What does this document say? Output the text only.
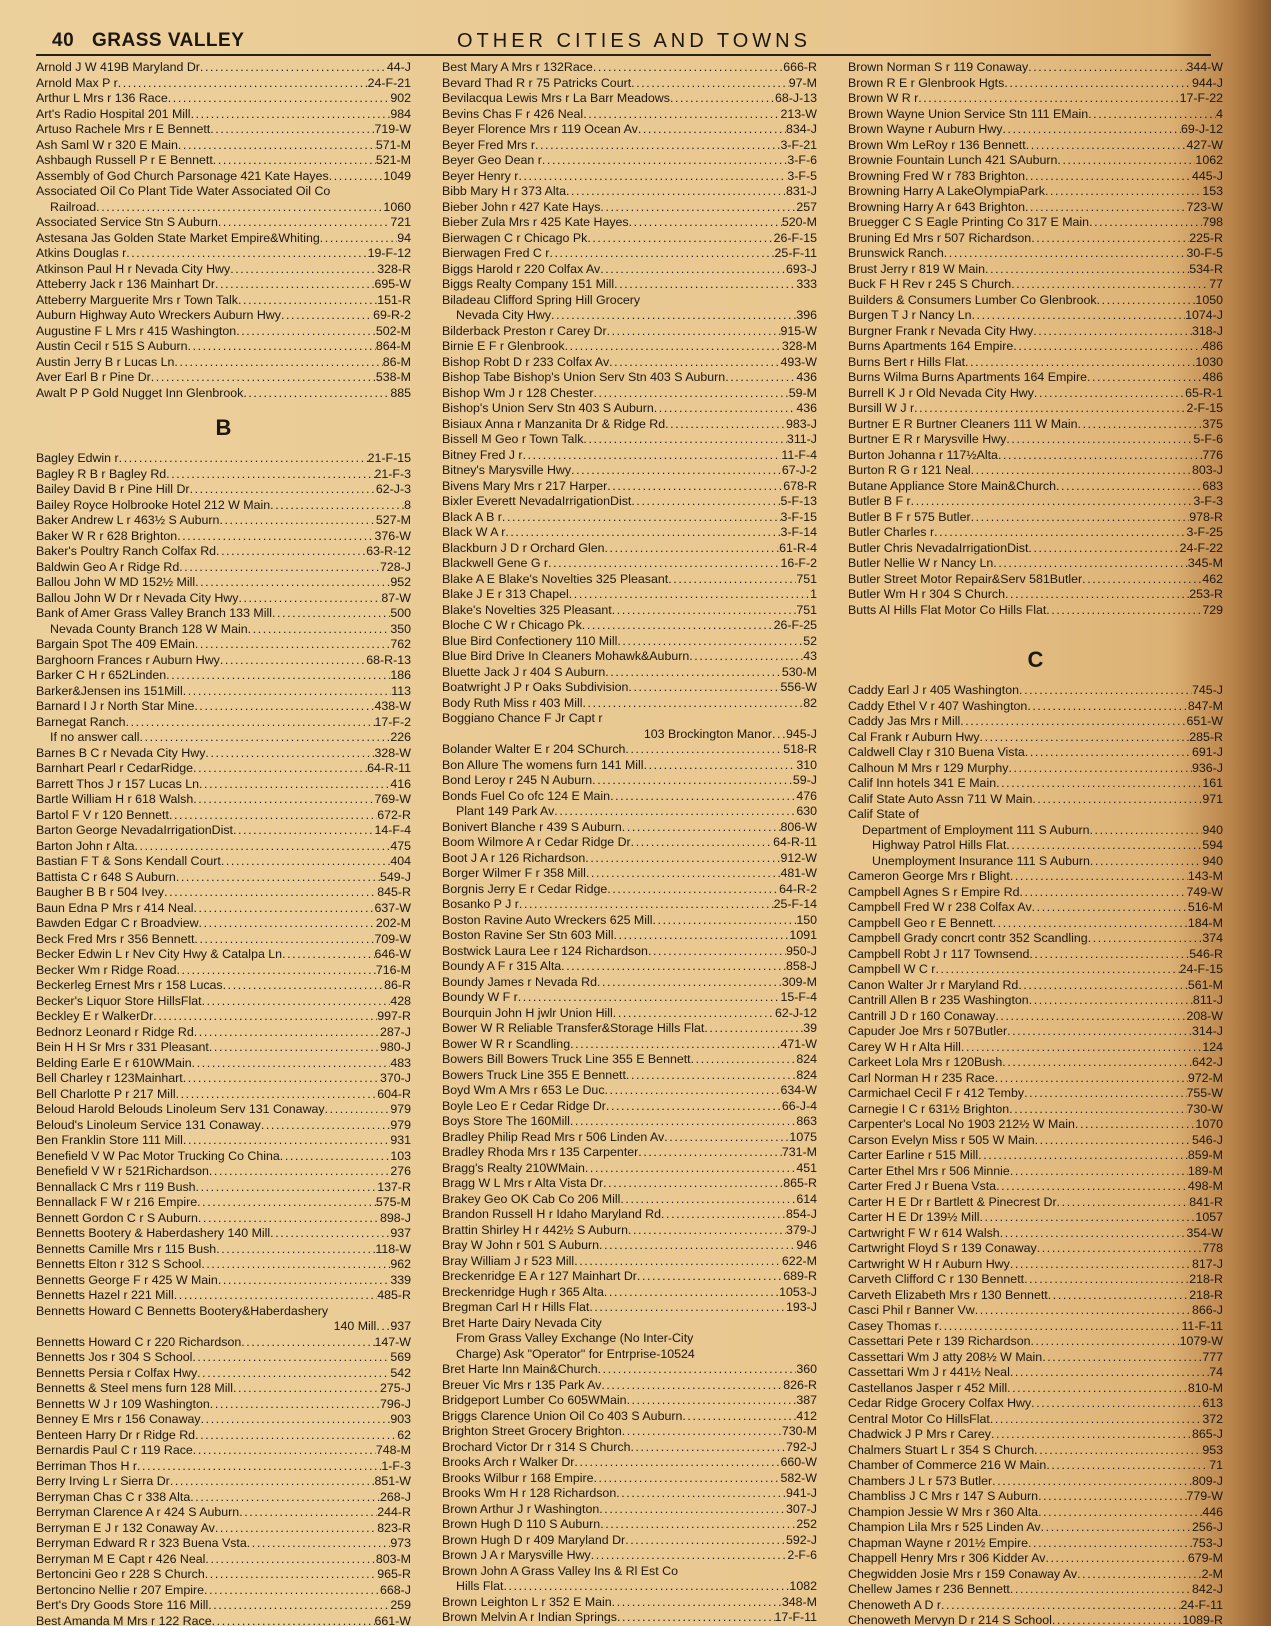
40 GRASS VALLEY	OTHER CITIES AND TOWNS
Arnold J W 419B Maryland Dr .....	44-J
Arnold Max P r .....	24-F-21
Arthur L Mrs r 136 Race .....	902
Art's Radio Hospital 201 Mill .....	984
Artuso Rachele Mrs r E Bennett .....	719-W
Ash Saml W r 320 E Main .....	571-M
Ashbaugh Russell P r E Bennett .....	521-M
Assembly of God Church Parsonage 421 Kate Hayes .....	1049
Associated Oil Co Plant Tide Water Associated Oil Co
Railroad .....	1060
Associated Service Stn S Auburn .....	721
Astesana Jas Golden State Market Empire&Whiting .....	94
Atkins Douglas r .....	19-F-12
Atkinson Paul H r Nevada City Hwy .....	328-R
Atteberry Jack r 136 Mainhart Dr .....	695-W
Atteberry Marguerite Mrs r Town Talk .....	151-R
Auburn Highway Auto Wreckers Auburn Hwy .....	69-R-2
Augustine F L Mrs r 415 Washington .....	502-M
Austin Cecil r 515 S Auburn .....	864-M
Austin Jerry B r Lucas Ln .....	86-M
Aver Earl B r Pine Dr .....	538-M
Awalt P P Gold Nugget Inn Glenbrook .....	885
B
Bagley Edwin r .....	21-F-15
Bagley R B r Bagley Rd .....	21-F-3
Bailey David B r Pine Hill Dr .....	62-J-3
Bailey Royce Holbrooke Hotel 212 W Main .....	8
Baker Andrew L r 463½ S Auburn .....	527-M
Baker W R r 628 Brighton .....	376-W
Baker's Poultry Ranch Colfax Rd .....	63-R-12
Baldwin Geo A r Ridge Rd .....	728-J
Ballou John W MD 152½ Mill .....	952
Ballou John W Dr r Nevada City Hwy .....	87-W
Bank of Amer Grass Valley Branch 133 Mill .....	500
Nevada County Branch 128 W Main .....	350
Bargain Spot The 409 EMain .....	762
Barghoorn Frances r Auburn Hwy .....	68-R-13
Barker C H r 652Linden .....	186
Barker&Jensen ins 151Mill .....	113
Barnard I J r North Star Mine .....	438-W
Barnegat Ranch .....	17-F-2
If no answer call .....	226
Barnes B C r Nevada City Hwy .....	328-W
Barnhart Pearl r CedarRidge .....	64-R-11
Barrett Thos J r 157 Lucas Ln .....	416
Bartle William H r 618 Walsh .....	769-W
Bartol F V r 120 Bennett .....	672-R
Barton George NevadaIrrigationDist .....	14-F-4
Barton John r Alta .....	475
Bastian F T & Sons Kendall Court .....	404
Battista C r 648 S Auburn .....	549-J
Baugher B B r 504 Ivey .....	845-R
Baun Edna P Mrs r 414 Neal .....	637-W
Bawden Edgar C r Broadview .....	202-M
Beck Fred Mrs r 356 Bennett .....	709-W
Becker Edwin L r Nev City Hwy & Catalpa Ln .....	646-W
Becker Wm r Ridge Road .....	716-M
Beckerleg Ernest Mrs r 158 Lucas .....	86-R
Becker's Liquor Store HillsFlat .....	428
Beckley E r WalkerDr .....	997-R
Bednorz Leonard r Ridge Rd .....	287-J
Bein H H Sr Mrs r 331 Pleasant .....	980-J
Belding Earle E r 610WMain .....	483
Bell Charley r 123Mainhart .....	370-J
Bell Charlotte P r 217 Mill .....	604-R
Beloud Harold Belouds Linoleum Serv 131 Conaway .....	979
Beloud's Linoleum Service 131 Conaway .....	979
Ben Franklin Store 111 Mill .....	931
Benefield V W Pac Motor Trucking Co China .....	103
Benefield V W r 521Richardson .....	276
Bennallack C Mrs r 119 Bush .....	137-R
Bennallack F W r 216 Empire .....	575-M
Bennett Gordon C r S Auburn .....	898-J
Bennetts Bootery & Haberdashery 140 Mill .....	937
Bennetts Camille Mrs r 115 Bush .....	118-W
Bennetts Elton r 312 S School .....	962
Bennetts George F r 425 W Main .....	339
Bennetts Hazel r 221 Mill .....	485-R
Bennetts Howard C Bennetts Bootery&Haberdashery
140 Mill ..... 937
Bennetts Howard C r 220 Richardson .....	147-W
Bennetts Jos r 304 S School .....	569
Bennetts Persia r Colfax Hwy .....	542
Bennetts & Steel mens furn 128 Mill .....	275-J
Bennetts W J r 109 Washington .....	796-J
Benney E Mrs r 156 Conaway .....	903
Benteen Harry Dr r Ridge Rd .....	62
Bernardis Paul C r 119 Race .....	748-M
Berriman Thos H r .....	1-F-3
Berry Irving L r Sierra Dr .....	851-W
Berryman Chas C r 338 Alta .....	268-J
Berryman Clarence A r 424 S Auburn .....	244-R
Berryman E J r 132 Conaway Av .....	823-R
Berryman Edward R r 323 Buena Vsta .....	973
Berryman M E Capt r 426 Neal .....	803-M
Bertoncini Geo r 228 S Church .....	965-R
Bertoncino Nellie r 207 Empire .....	668-J
Bert's Dry Goods Store 116 Mill .....	259
Best Amanda M Mrs r 122 Race .....	661-W
Best Mary A Mrs r 132Race .....	666-R
Bevard Thad R r 75 Patricks Court .....	97-M
Bevilacqua Lewis Mrs r La Barr Meadows .....	68-J-13
Bevins Chas F r 426 Neal .....	213-W
Beyer Florence Mrs r 119 Ocean Av .....	834-J
Beyer Fred Mrs r .....	3-F-21
Beyer Geo Dean r .....	3-F-6
Beyer Henry r .....	3-F-5
Bibb Mary H r 373 Alta .....	831-J
Bieber John r 427 Kate Hays .....	257
Bieber Zula Mrs r 425 Kate Hayes .....	520-M
Bierwagen C r Chicago Pk .....	26-F-15
Bierwagen Fred C r .....	25-F-11
Biggs Harold r 220 Colfax Av .....	693-J
Biggs Realty Company 151 Mill .....	333
Biladeau Clifford Spring Hill Grocery
Nevada City Hwy .....	396
Bilderback Preston r Carey Dr .....	915-W
Birnie E F r Glenbrook .....	328-M
Bishop Robt D r 233 Colfax Av .....	493-W
Bishop Tabe Bishop's Union Serv Stn 403 S Auburn .....	436
Bishop Wm J r 128 Chester .....	59-M
Bishop's Union Serv Stn 403 S Auburn .....	436
Bisiaux Anna r Manzanita Dr & Ridge Rd .....	983-J
Bissell M Geo r Town Talk .....	311-J
Bitney Fred J r .....	11-F-4
Bitney's Marysville Hwy .....	67-J-2
Bivens Mary Mrs r 217 Harper .....	678-R
Bixler Everett NevadaIrrigationDist .....	5-F-13
Black A B r .....	3-F-15
Black W A r .....	3-F-14
Blackburn J D r Orchard Glen .....	61-R-4
Blackwell Gene G r .....	16-F-2
Blake A E Blake's Novelties 325 Pleasant .....	751
Blake J E r 313 Chapel .....	1
Blake's Novelties 325 Pleasant .....	751
Bloche C W r Chicago Pk .....	26-F-25
Blue Bird Confectionery 110 Mill .....	52
Blue Bird Drive In Cleaners Mohawk&Auburn .....	43
Bluette Jack J r 404 S Auburn .....	530-M
Boatwright J P r Oaks Subdivision .....	556-W
Body Ruth Miss r 403 Mill .....	82
Boggiano Chance F Jr Capt r
103 Brockington Manor ..... 945-J
Bolander Walter E r 204 SChurch .....	518-R
Bon Allure The womens furn 141 Mill .....	310
Bond Leroy r 245 N Auburn .....	59-J
Bonds Fuel Co ofc 124 E Main .....	476
Plant 149 Park Av .....	630
Bonivert Blanche r 439 S Auburn .....	806-W
Boom Wilmore A r Cedar Ridge Dr .....	64-R-11
Boot J A r 126 Richardson .....	912-W
Borger Wilmer F r 358 Mill .....	481-W
Borgnis Jerry E r Cedar Ridge .....	64-R-2
Bosanko P J r .....	25-F-14
Boston Ravine Auto Wreckers 625 Mill .....	150
Boston Ravine Ser Stn 603 Mill .....	1091
Bostwick Laura Lee r 124 Richardson .....	950-J
Boundy A F r 315 Alta .....	858-J
Boundy James r Nevada Rd .....	309-M
Boundy W F r .....	15-F-4
Bourquin John H jwlr Union Hill .....	62-J-12
Bower W R Reliable Transfer&Storage Hills Flat .....	39
Bower W R r Scandling .....	471-W
Bowers Bill Bowers Truck Line 355 E Bennett .....	824
Bowers Truck Line 355 E Bennett .....	824
Boyd Wm A Mrs r 653 Le Duc .....	634-W
Boyle Leo E r Cedar Ridge Dr .....	66-J-4
Boys Store The 160Mill .....	863
Bradley Philip Read Mrs r 506 Linden Av .....	1075
Bradley Rhoda Mrs r 135 Carpenter .....	731-M
Bragg's Realty 210WMain .....	451
Bragg W L Mrs r Alta Vista Dr .....	865-R
Brakey Geo OK Cab Co 206 Mill .....	614
Brandon Russell H r Idaho Maryland Rd .....	854-J
Brattin Shirley H r 442½ S Auburn .....	379-J
Bray W John r 501 S Auburn .....	946
Bray William J r 523 Mill .....	622-M
Breckenridge E A r 127 Mainhart Dr .....	689-R
Breckenridge Hugh r 365 Alta .....	1053-J
Bregman Carl H r Hills Flat .....	193-J
Bret Harte Dairy Nevada City
From Grass Valley Exchange (No Inter-City
Charge) Ask "Operator" for Entrprise-10524
Bret Harte Inn Main&Church .....	360
Breuer Vic Mrs r 135 Park Av .....	826-R
Bridgeport Lumber Co 605WMain .....	387
Briggs Clarence Union Oil Co 403 S Auburn .....	412
Brighton Street Grocery Brighton .....	730-M
Brochard Victor Dr r 314 S Church .....	792-J
Brooks Arch r Walker Dr .....	660-W
Brooks Wilbur r 168 Empire .....	582-W
Brooks Wm H r 128 Richardson .....	941-J
Brown Arthur J r Washington .....	307-J
Brown Hugh D 110 S Auburn .....	252
Brown Hugh D r 409 Maryland Dr .....	592-J
Brown J A r Marysville Hwy .....	2-F-6
Brown John A Grass Valley Ins & Rl Est Co
Hills Flat .....	1082
Brown Leighton L r 352 E Main .....	348-M
Brown Melvin A r Indian Springs .....	17-F-11
Brown Norman S r 119 Conaway .....	344-W
Brown R E r Glenbrook Hgts .....	944-J
Brown W R r .....	17-F-22
Brown Wayne Union Service Stn 111 EMain .....	4
Brown Wayne r Auburn Hwy .....	69-J-12
Brown Wm LeRoy r 136 Bennett .....	427-W
Brownie Fountain Lunch 421 SAuburn .....	1062
Browning Fred W r 783 Brighton .....	445-J
Browning Harry A LakeOlympiaPark .....	153
Browning Harry A r 643 Brighton .....	723-W
Bruegger C S Eagle Printing Co 317 E Main .....	798
Bruning Ed Mrs r 507 Richardson .....	225-R
Brunswick Ranch .....	30-F-5
Brust Jerry r 819 W Main .....	534-R
Buck F H Rev r 245 S Church .....	77
Builders & Consumers Lumber Co Glenbrook .....	1050
Burgen T J r Nancy Ln .....	1074-J
Burgner Frank r Nevada City Hwy .....	318-J
Burns Apartments 164 Empire .....	486
Burns Bert r Hills Flat .....	1030
Burns Wilma Burns Apartments 164 Empire .....	486
Burrell K J r Old Nevada City Hwy .....	65-R-1
Bursill W J r .....	2-F-15
Burtner E R Burtner Cleaners 111 W Main .....	375
Burtner E R r Marysville Hwy .....	5-F-6
Burton Johanna r 117½Alta .....	776
Burton R G r 121 Neal .....	803-J
Butane Appliance Store Main&Church .....	683
Butler B F r .....	3-F-3
Butler B F r 575 Butler .....	978-R
Butler Charles r .....	3-F-25
Butler Chris NevadaIrrigationDist .....	24-F-22
Butler Nellie W r Nancy Ln .....	345-M
Butler Street Motor Repair&Serv 581Butler .....	462
Butler Wm H r 304 S Church .....	253-R
Butts Al Hills Flat Motor Co Hills Flat .....	729
C
Caddy Earl J r 405 Washington .....	745-J
Caddy Ethel V r 407 Washington .....	847-M
Caddy Jas Mrs r Mill .....	651-W
Cal Frank r Auburn Hwy .....	285-R
Caldwell Clay r 310 Buena Vista .....	691-J
Calhoun M Mrs r 129 Murphy .....	936-J
Calif Inn hotels 341 E Main .....	161
Calif State Auto Assn 711 W Main .....	971
Calif State of
Department of Employment 111 S Auburn .....	940
Highway Patrol Hills Flat .....	594
Unemployment Insurance 111 S Auburn .....	940
Cameron George Mrs r Blight .....	143-M
Campbell Agnes S r Empire Rd .....	749-W
Campbell Fred W r 238 Colfax Av .....	516-M
Campbell Geo r E Bennett .....	184-M
Campbell Grady concrt contr 352 Scandling .....	374
Campbell Robt J r 117 Townsend .....	546-R
Campbell W C r .....	24-F-15
Canon Walter Jr r Maryland Rd .....	561-M
Cantrill Allen B r 235 Washington .....	811-J
Cantrill J D r 160 Conaway .....	208-W
Capuder Joe Mrs r 507Butler .....	314-J
Carey W H r Alta Hill .....	124
Carkeet Lola Mrs r 120Bush .....	642-J
Carl Norman H r 235 Race .....	972-M
Carmichael Cecil F r 412 Temby .....	755-W
Carnegie I C r 631½ Brighton .....	730-W
Carpenter's Local No 1903 212½ W Main .....	1070
Carson Evelyn Miss r 505 W Main .....	546-J
Carter Earline r 515 Mill .....	859-M
Carter Ethel Mrs r 506 Minnie .....	189-M
Carter Fred J r Buena Vsta .....	498-M
Carter H E Dr r Bartlett & Pinecrest Dr .....	841-R
Carter H E Dr 139½ Mill .....	1057
Cartwright F W r 614 Walsh .....	354-W
Cartwright Floyd S r 139 Conaway .....	778
Cartwright W H r Auburn Hwy .....	817-J
Carveth Clifford C r 130 Bennett .....	218-R
Carveth Elizabeth Mrs r 130 Bennett .....	218-R
Casci Phil r Banner Vw .....	866-J
Casey Thomas r .....	11-F-11
Cassettari Pete r 139 Richardson .....	1079-W
Cassettari Wm J atty 208½ W Main .....	777
Cassettari Wm J r 441½ Neal .....	74
Castellanos Jasper r 452 Mill .....	810-M
Cedar Ridge Grocery Colfax Hwy .....	613
Central Motor Co HillsFlat .....	372
Chadwick J P Mrs r Carey .....	865-J
Chalmers Stuart L r 354 S Church .....	953
Chamber of Commerce 216 W Main .....	71
Chambers J L r 573 Butler .....	809-J
Chambliss J C Mrs r 147 S Auburn .....	779-W
Champion Jessie W Mrs r 360 Alta .....	446
Champion Lila Mrs r 525 Linden Av .....	256-J
Chapman Wayne r 201½ Empire .....	753-J
Chappell Henry Mrs r 306 Kidder Av .....	679-M
Chegwidden Josie Mrs r 159 Conaway Av .....	2-M
Chellew James r 236 Bennett .....	842-J
Chenoweth A D r .....	24-F-11
Chenoweth Mervyn D r 214 S School .....	1089-R
